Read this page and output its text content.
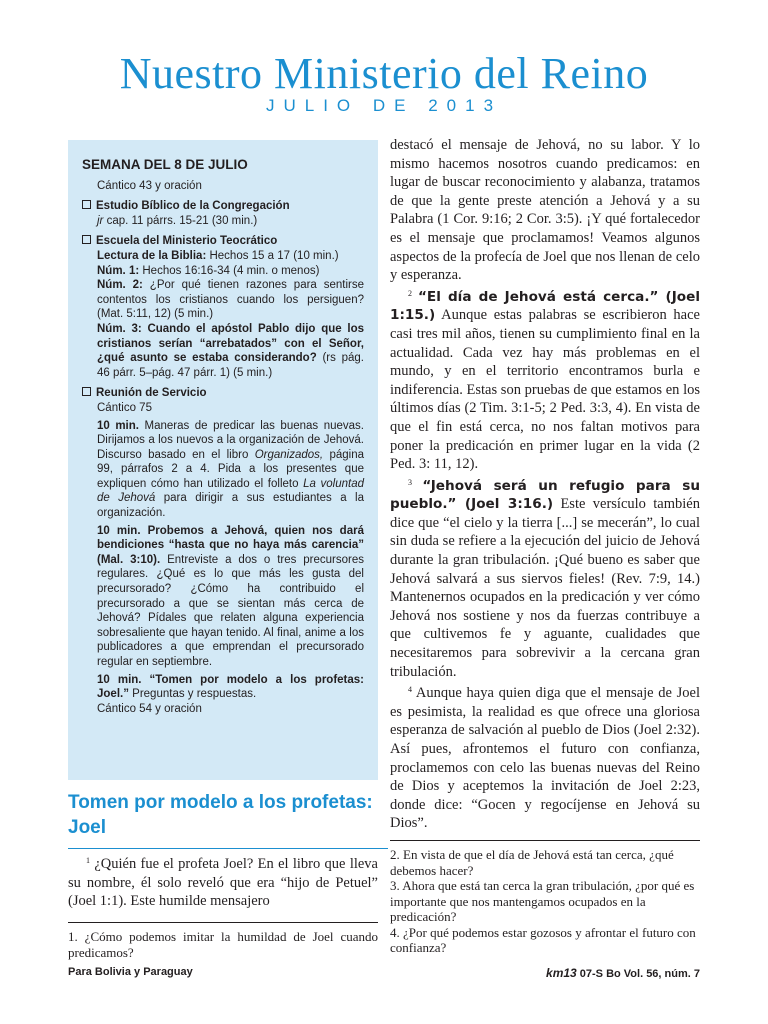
Nuestro Ministerio del Reino
JULIO DE 2013
SEMANA DEL 8 DE JULIO
Cántico 43 y oración
Estudio Bíblico de la Congregación
jr cap. 11 párrs. 15-21 (30 min.)
Escuela del Ministerio Teocrático
Lectura de la Biblia: Hechos 15 a 17 (10 min.)
Núm. 1: Hechos 16:16-34 (4 min. o menos)
Núm. 2: ¿Por qué tienen razones para sentirse contentos los cristianos cuando los persiguen? (Mat. 5:11, 12) (5 min.)
Núm. 3: Cuando el apóstol Pablo dijo que los cristianos serían “arrebatados” con el Señor, ¿qué asunto se estaba considerando? (rs pág. 46 párr. 5–pág. 47 párr. 1) (5 min.)
Reunión de Servicio
Cántico 75
10 min. Maneras de predicar las buenas nuevas. Dirijamos a los nuevos a la organización de Jehová. Discurso basado en el libro Organizados, página 99, párrafos 2 a 4. Pida a los presentes que expliquen cómo han utilizado el folleto La voluntad de Jehová para dirigir a sus estudiantes a la organización.
10 min. Probemos a Jehová, quien nos dará bendiciones “hasta que no haya más carencia” (Mal. 3:10). Entreviste a dos o tres precursores regulares. ¿Qué es lo que más les gusta del precursorado? ¿Cómo ha contribuido el precursorado a que se sientan más cerca de Jehová? Pídales que relaten alguna experiencia sobresaliente que hayan tenido. Al final, anime a los publicadores a que emprendan el precursorado regular en septiembre.
10 min. “Tomen por modelo a los profetas: Joel.” Preguntas y respuestas.
Cántico 54 y oración
Tomen por modelo a los profetas: Joel

$^1$ ¿Quién fue el profeta Joel? En el libro que lleva su nombre, él solo reveló que era “hijo de Petuel” (Joel 1:1). Este humilde mensajero

1. ¿Cómo podemos imitar la humildad de Joel cuando predicamos?

destacó el mensaje de Jehová, no su labor. Y lo mismo hacemos nosotros cuando predicamos: en lugar de buscar reconocimiento y alabanza, tratamos de que la gente preste atención a Jehová y a su Palabra (1 Cor. 9:16; 2 Cor. 3:5). ¡Y qué fortalecedor es el mensaje que proclamamos! Veamos algunos aspectos de la profecía de Joel que nos llenan de celo y esperanza.

$^2$ “El día de Jehová está cerca.” (Joel 1:15.) Aunque estas palabras se escribieron hace casi tres mil años, tienen su cumplimiento final en la actualidad. Cada vez hay más problemas en el mundo, y en el territorio encontramos burla e indiferencia. Estas son pruebas de que estamos en los últimos días (2 Tim. 3:1-5; 2 Ped. 3:3, 4). En vista de que el fin está cerca, no nos faltan motivos para poner la predicación en primer lugar en la vida (2 Ped. 3: 11, 12).

$^3$ “Jehová será un refugio para su pueblo.” (Joel 3:16.) Este versículo también dice que “el cielo y la tierra [...] se mecerán”, lo cual sin duda se refiere a la ejecución del juicio de Jehová durante la gran tribulación. ¡Qué bueno es saber que Jehová salvará a sus siervos fieles! (Rev. 7:9, 14.) Mantenernos ocupados en la predicación y ver cómo Jehová nos sostiene y nos da fuerzas contribuye a que cultivemos fe y aguante, cualidades que necesitaremos para sobrevivir a la cercana gran tribulación.

$^4$ Aunque haya quien diga que el mensaje de Joel es pesimista, la realidad es que ofrece una gloriosa esperanza de salvación al pueblo de Dios (Joel 2:32). Así pues, afrontemos el futuro con confianza, proclamemos con celo las buenas nuevas del Reino de Dios y aceptemos la invitación de Joel 2:23, donde dice: “Gocen y regocíjense en Jehová su Dios”.

2. En vista de que el día de Jehová está tan cerca, ¿qué debemos hacer?
3. Ahora que está tan cerca la gran tribulación, ¿por qué es importante que nos mantengamos ocupados en la predicación?
4. ¿Por qué podemos estar gozosos y afrontar el futuro con confianza?
Para Bolivia y Paraguay	km13 07-S Bo Vol. 56, núm. 7
